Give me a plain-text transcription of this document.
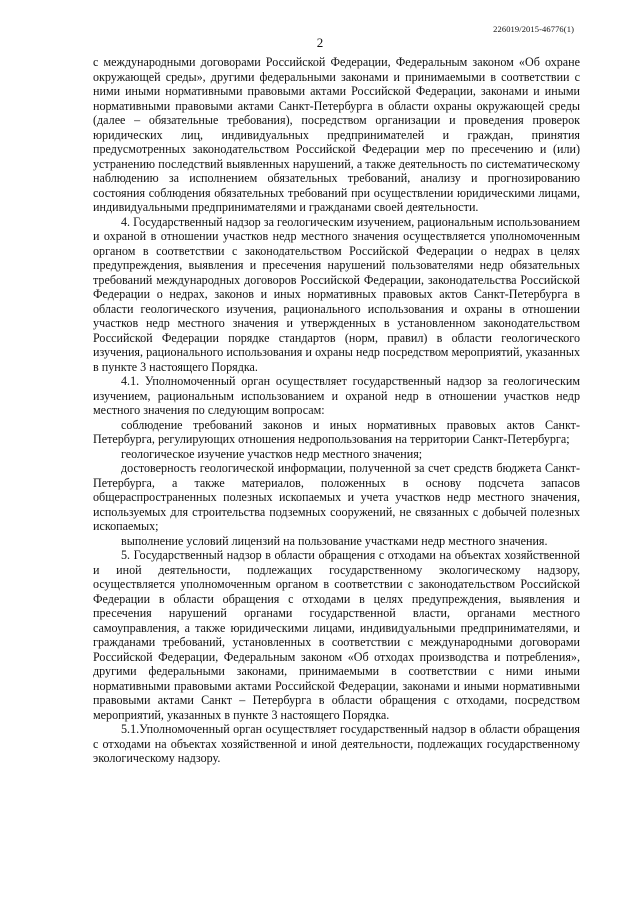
226019/2015-46776(1)
2

с международными договорами Российской Федерации, Федеральным законом «Об охране окружающей среды», другими федеральными законами и принимаемыми в соответствии с ними иными нормативными правовыми актами Российской Федерации, законами и иными нормативными правовыми актами Санкт-Петербурга в области охраны окружающей среды (далее – обязательные требования), посредством организации и проведения проверок юридических лиц, индивидуальных предпринимателей и граждан, принятия предусмотренных законодательством Российской Федерации мер по пресечению и (или) устранению последствий выявленных нарушений, а также деятельность по систематическому наблюдению за исполнением обязательных требований, анализу и прогнозированию состояния соблюдения обязательных требований при осуществлении юридическими лицами, индивидуальными предпринимателями и гражданами своей деятельности.

4. Государственный надзор за геологическим изучением, рациональным использованием и охраной в отношении участков недр местного значения осуществляется уполномоченным органом в соответствии с законодательством Российской Федерации о недрах в целях предупреждения, выявления и пресечения нарушений пользователями недр обязательных требований международных договоров Российской Федерации, законодательства Российской Федерации о недрах, законов и иных нормативных правовых актов Санкт-Петербурга в области геологического изучения, рационального использования и охраны в отношении участков недр местного значения и утвержденных в установленном законодательством Российской Федерации порядке стандартов (норм, правил) в области геологического изучения, рационального использования и охраны недр посредством мероприятий, указанных в пункте 3 настоящего Порядка.

4.1. Уполномоченный орган осуществляет государственный надзор за геологическим изучением, рациональным использованием и охраной недр в отношении участков недр местного значения по следующим вопросам:

соблюдение требований законов и иных нормативных правовых актов Санкт-Петербурга, регулирующих отношения недропользования на территории Санкт-Петербурга;

геологическое изучение участков недр местного значения;

достоверность геологической информации, полученной за счет средств бюджета Санкт-Петербурга, а также материалов, положенных в основу подсчета запасов общераспространенных полезных ископаемых и учета участков недр местного значения, используемых для строительства подземных сооружений, не связанных с добычей полезных ископаемых;

выполнение условий лицензий на пользование участками недр местного значения.

5. Государственный надзор в области обращения с отходами на объектах хозяйственной и иной деятельности, подлежащих государственному экологическому надзору, осуществляется уполномоченным органом в соответствии с законодательством Российской Федерации в области обращения с отходами в целях предупреждения, выявления и пресечения нарушений органами государственной власти, органами местного самоуправления, а также юридическими лицами, индивидуальными предпринимателями, и гражданами требований, установленных в соответствии с международными договорами Российской Федерации, Федеральным законом «Об отходах производства и потребления», другими федеральными законами, принимаемыми в соответствии с ними иными нормативными правовыми актами Российской Федерации, законами и иными нормативными правовыми актами Санкт – Петербурга в области обращения с отходами, посредством мероприятий, указанных в пункте 3 настоящего Порядка.

5.1.Уполномоченный орган осуществляет государственный надзор в области обращения с отходами на объектах хозяйственной и иной деятельности, подлежащих государственному экологическому надзору.
